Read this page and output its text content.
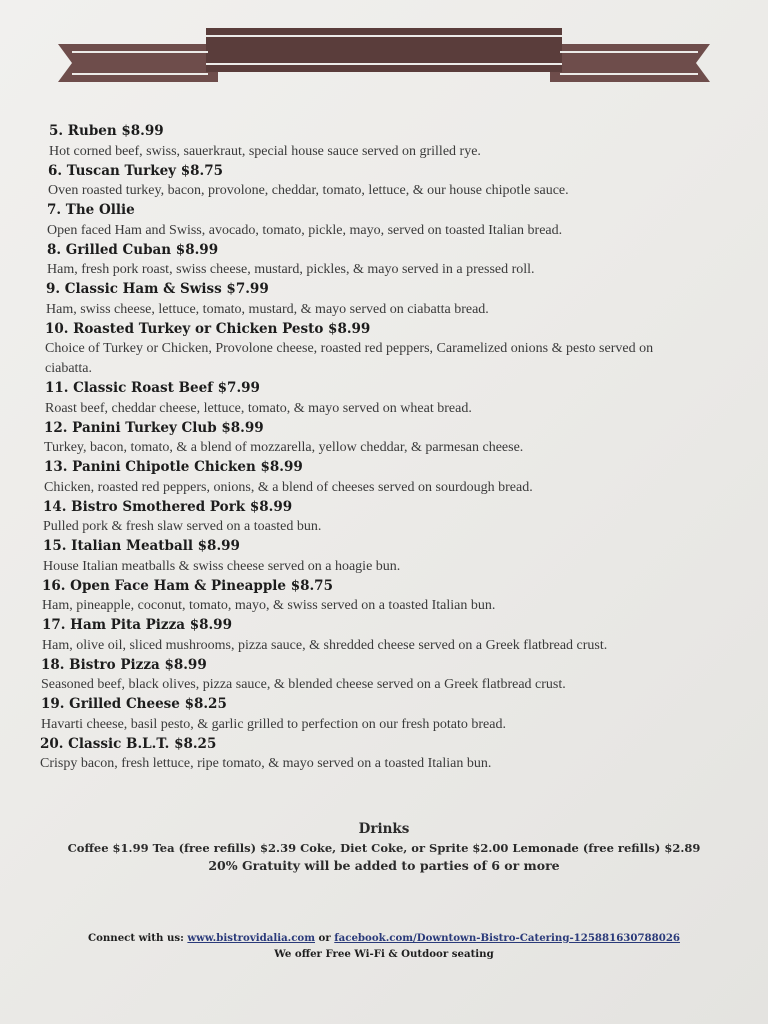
5. Ruben $8.99
Hot corned beef, swiss, sauerkraut, special house sauce served on grilled rye.
6. Tuscan Turkey $8.75
Oven roasted turkey, bacon, provolone, cheddar, tomato, lettuce, & our house chipotle sauce.
7. The Ollie
Open faced Ham and Swiss, avocado, tomato, pickle, mayo, served on toasted Italian bread.
8. Grilled Cuban $8.99
Ham, fresh pork roast, swiss cheese, mustard, pickles, & mayo served in a pressed roll.
9. Classic Ham & Swiss $7.99
Ham, swiss cheese, lettuce, tomato, mustard, & mayo served on ciabatta bread.
10. Roasted Turkey or Chicken Pesto $8.99
Choice of Turkey or Chicken, Provolone cheese, roasted red peppers, Caramelized onions & pesto served on ciabatta.
11. Classic Roast Beef $7.99
Roast beef, cheddar cheese, lettuce, tomato, & mayo served on wheat bread.
12. Panini Turkey Club $8.99
Turkey, bacon, tomato, & a blend of mozzarella, yellow cheddar, & parmesan cheese.
13. Panini Chipotle Chicken $8.99
Chicken, roasted red peppers, onions, & a blend of cheeses served on sourdough bread.
14. Bistro Smothered Pork $8.99
Pulled pork & fresh slaw served on a toasted bun.
15. Italian Meatball $8.99
House Italian meatballs & swiss cheese served on a hoagie bun.
16. Open Face Ham & Pineapple $8.75
Ham, pineapple, coconut, tomato, mayo, & swiss served on a toasted Italian bun.
17. Ham Pita Pizza $8.99
Ham, olive oil, sliced mushrooms, pizza sauce, & shredded cheese served on a Greek flatbread crust.
18. Bistro Pizza $8.99
Seasoned beef, black olives, pizza sauce, & blended cheese served on a Greek flatbread crust.
19. Grilled Cheese $8.25
Havarti cheese, basil pesto, & garlic grilled to perfection on our fresh potato bread.
20. Classic B.L.T. $8.25
Crispy bacon, fresh lettuce, ripe tomato, & mayo served on a toasted Italian bun.
Drinks
Coffee $1.99 Tea (free refills) $2.39 Coke, Diet Coke, or Sprite $2.00 Lemonade (free refills) $2.89
20% Gratuity will be added to parties of 6 or more
Connect with us: www.bistrovidalia.com or facebook.com/Downtown-Bistro-Catering-125881630788026
We offer Free Wi-Fi & Outdoor seating
